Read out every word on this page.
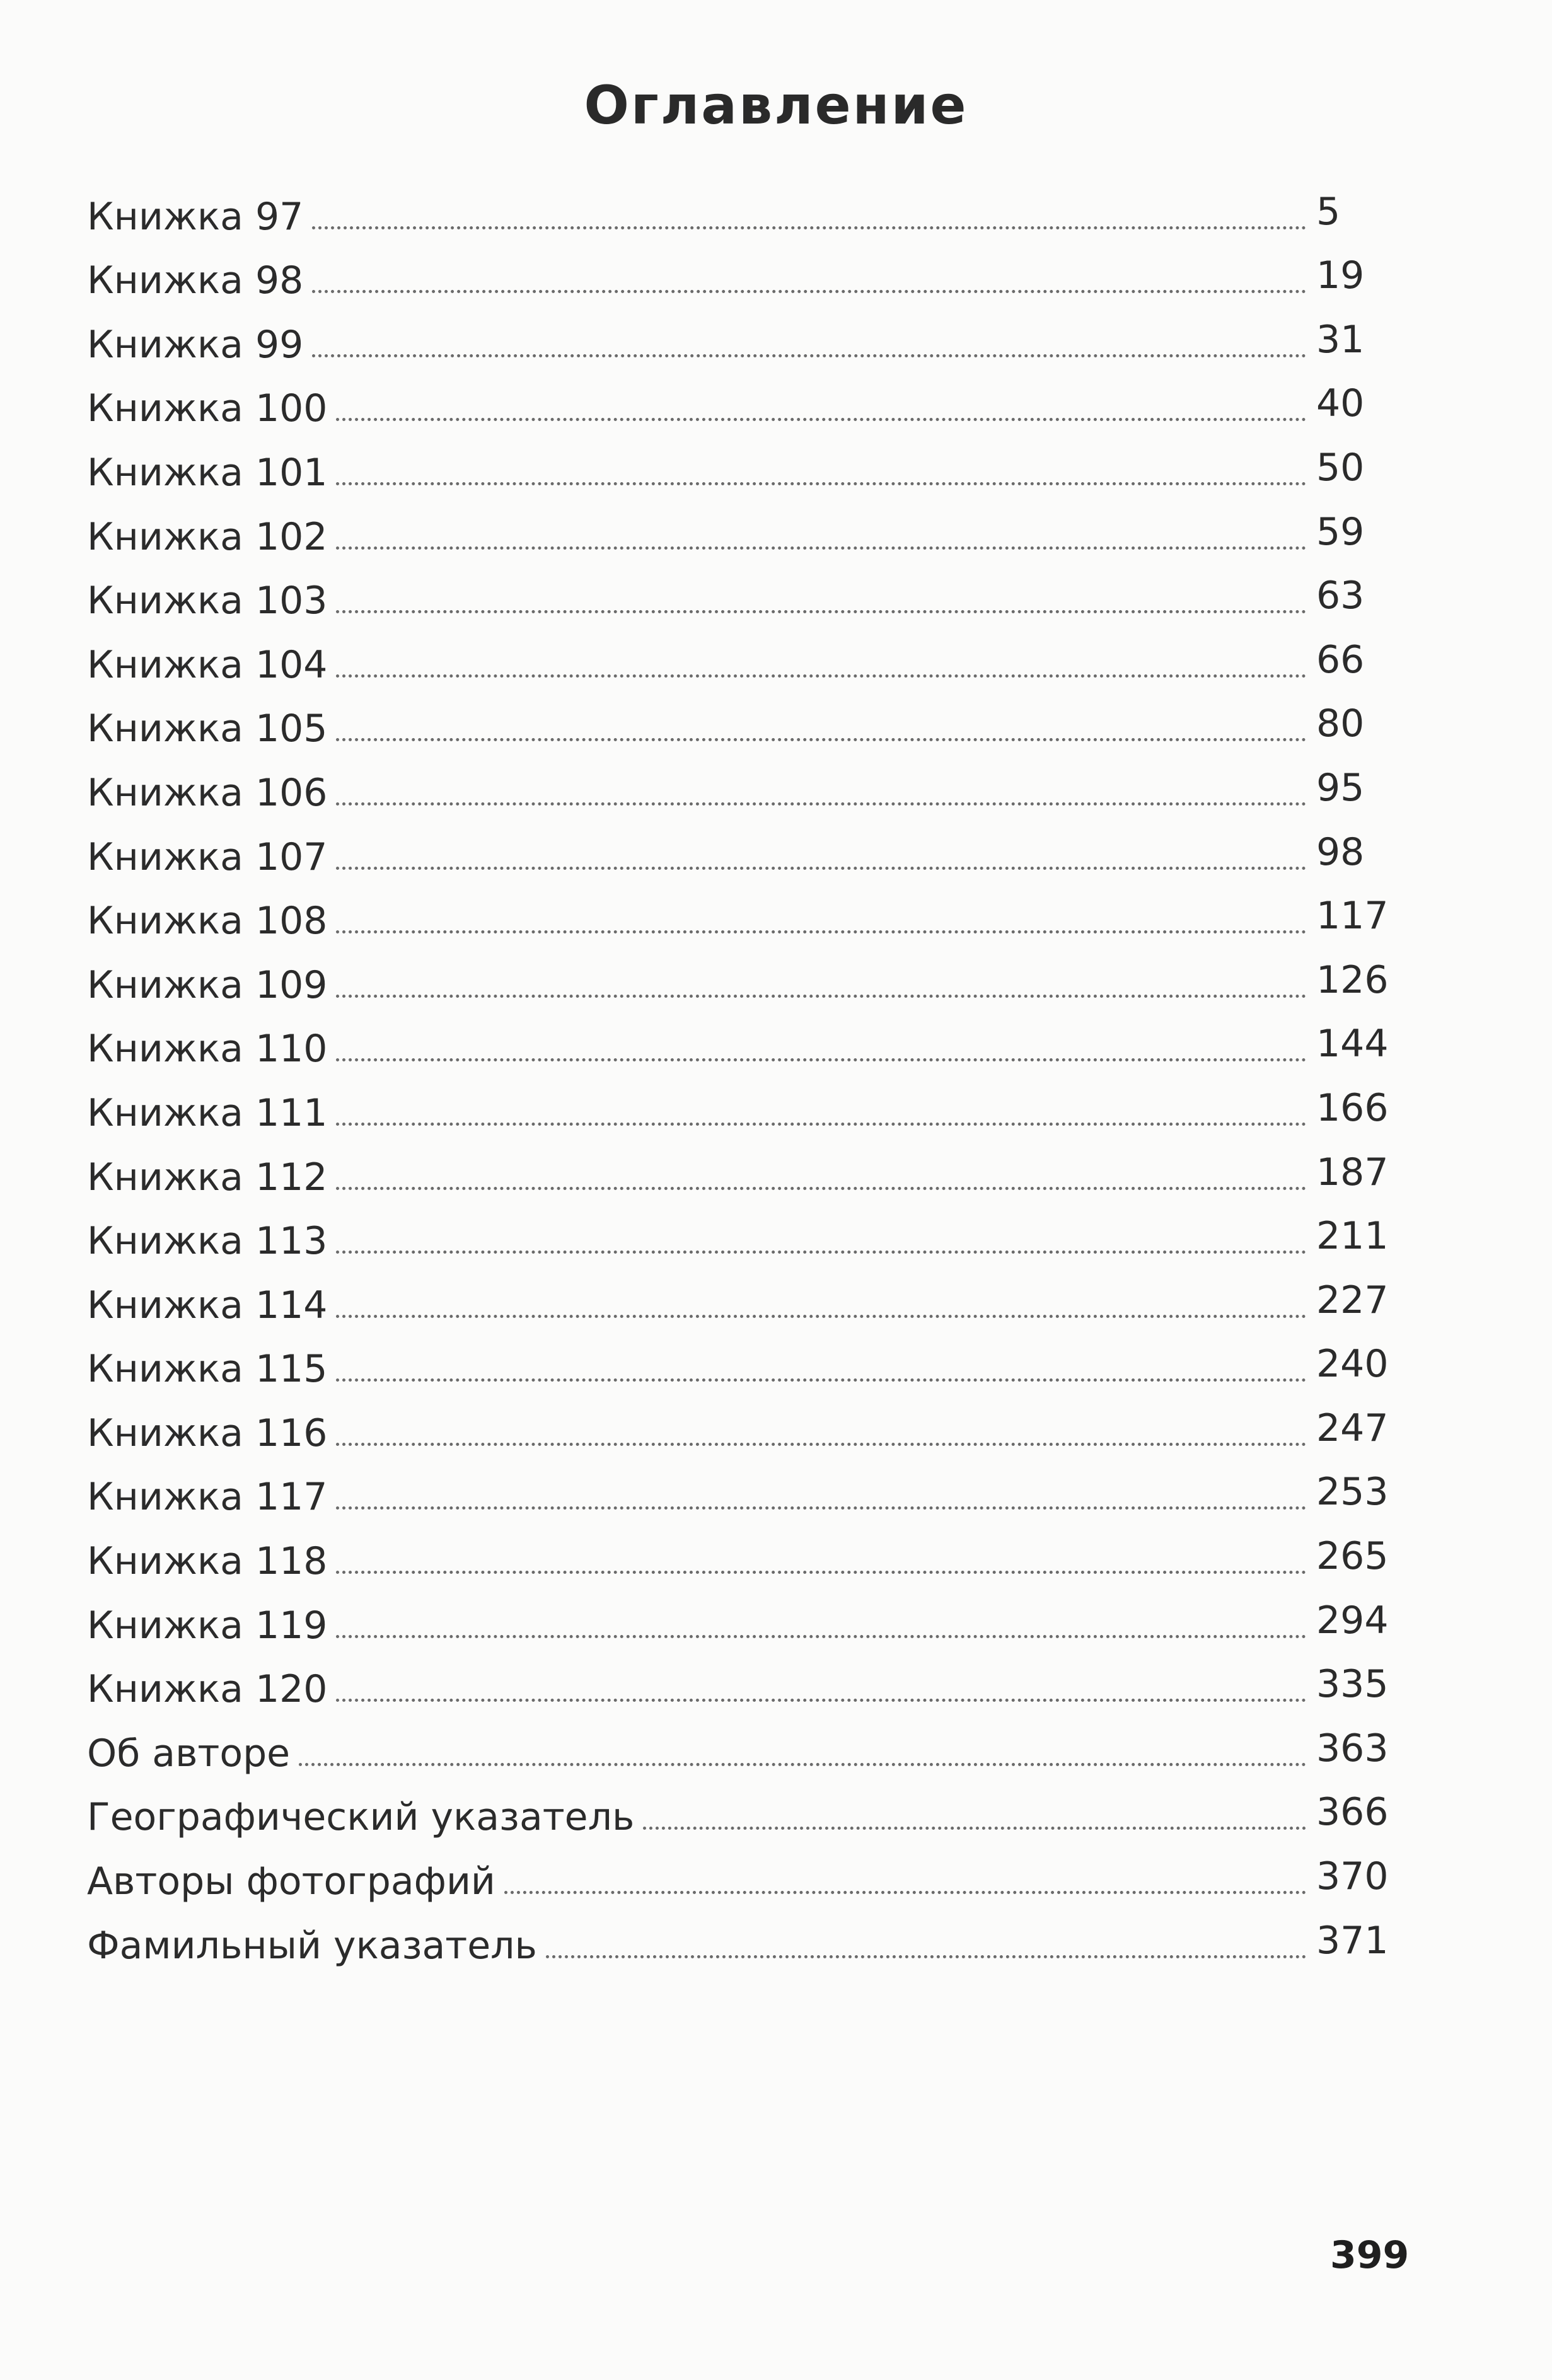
Оглавление
Книжка 97	5
Книжка 98	19
Книжка 99	31
Книжка 100	40
Книжка 101	50
Книжка 102	59
Книжка 103	63
Книжка 104	66
Книжка 105	80
Книжка 106	95
Книжка 107	98
Книжка 108	117
Книжка 109	126
Книжка 110	144
Книжка 111	166
Книжка 112	187
Книжка 113	211
Книжка 114	227
Книжка 115	240
Книжка 116	247
Книжка 117	253
Книжка 118	265
Книжка 119	294
Книжка 120	335
Об авторе	363
Географический указатель	366
Авторы фотографий	370
Фамильный указатель	371
399
